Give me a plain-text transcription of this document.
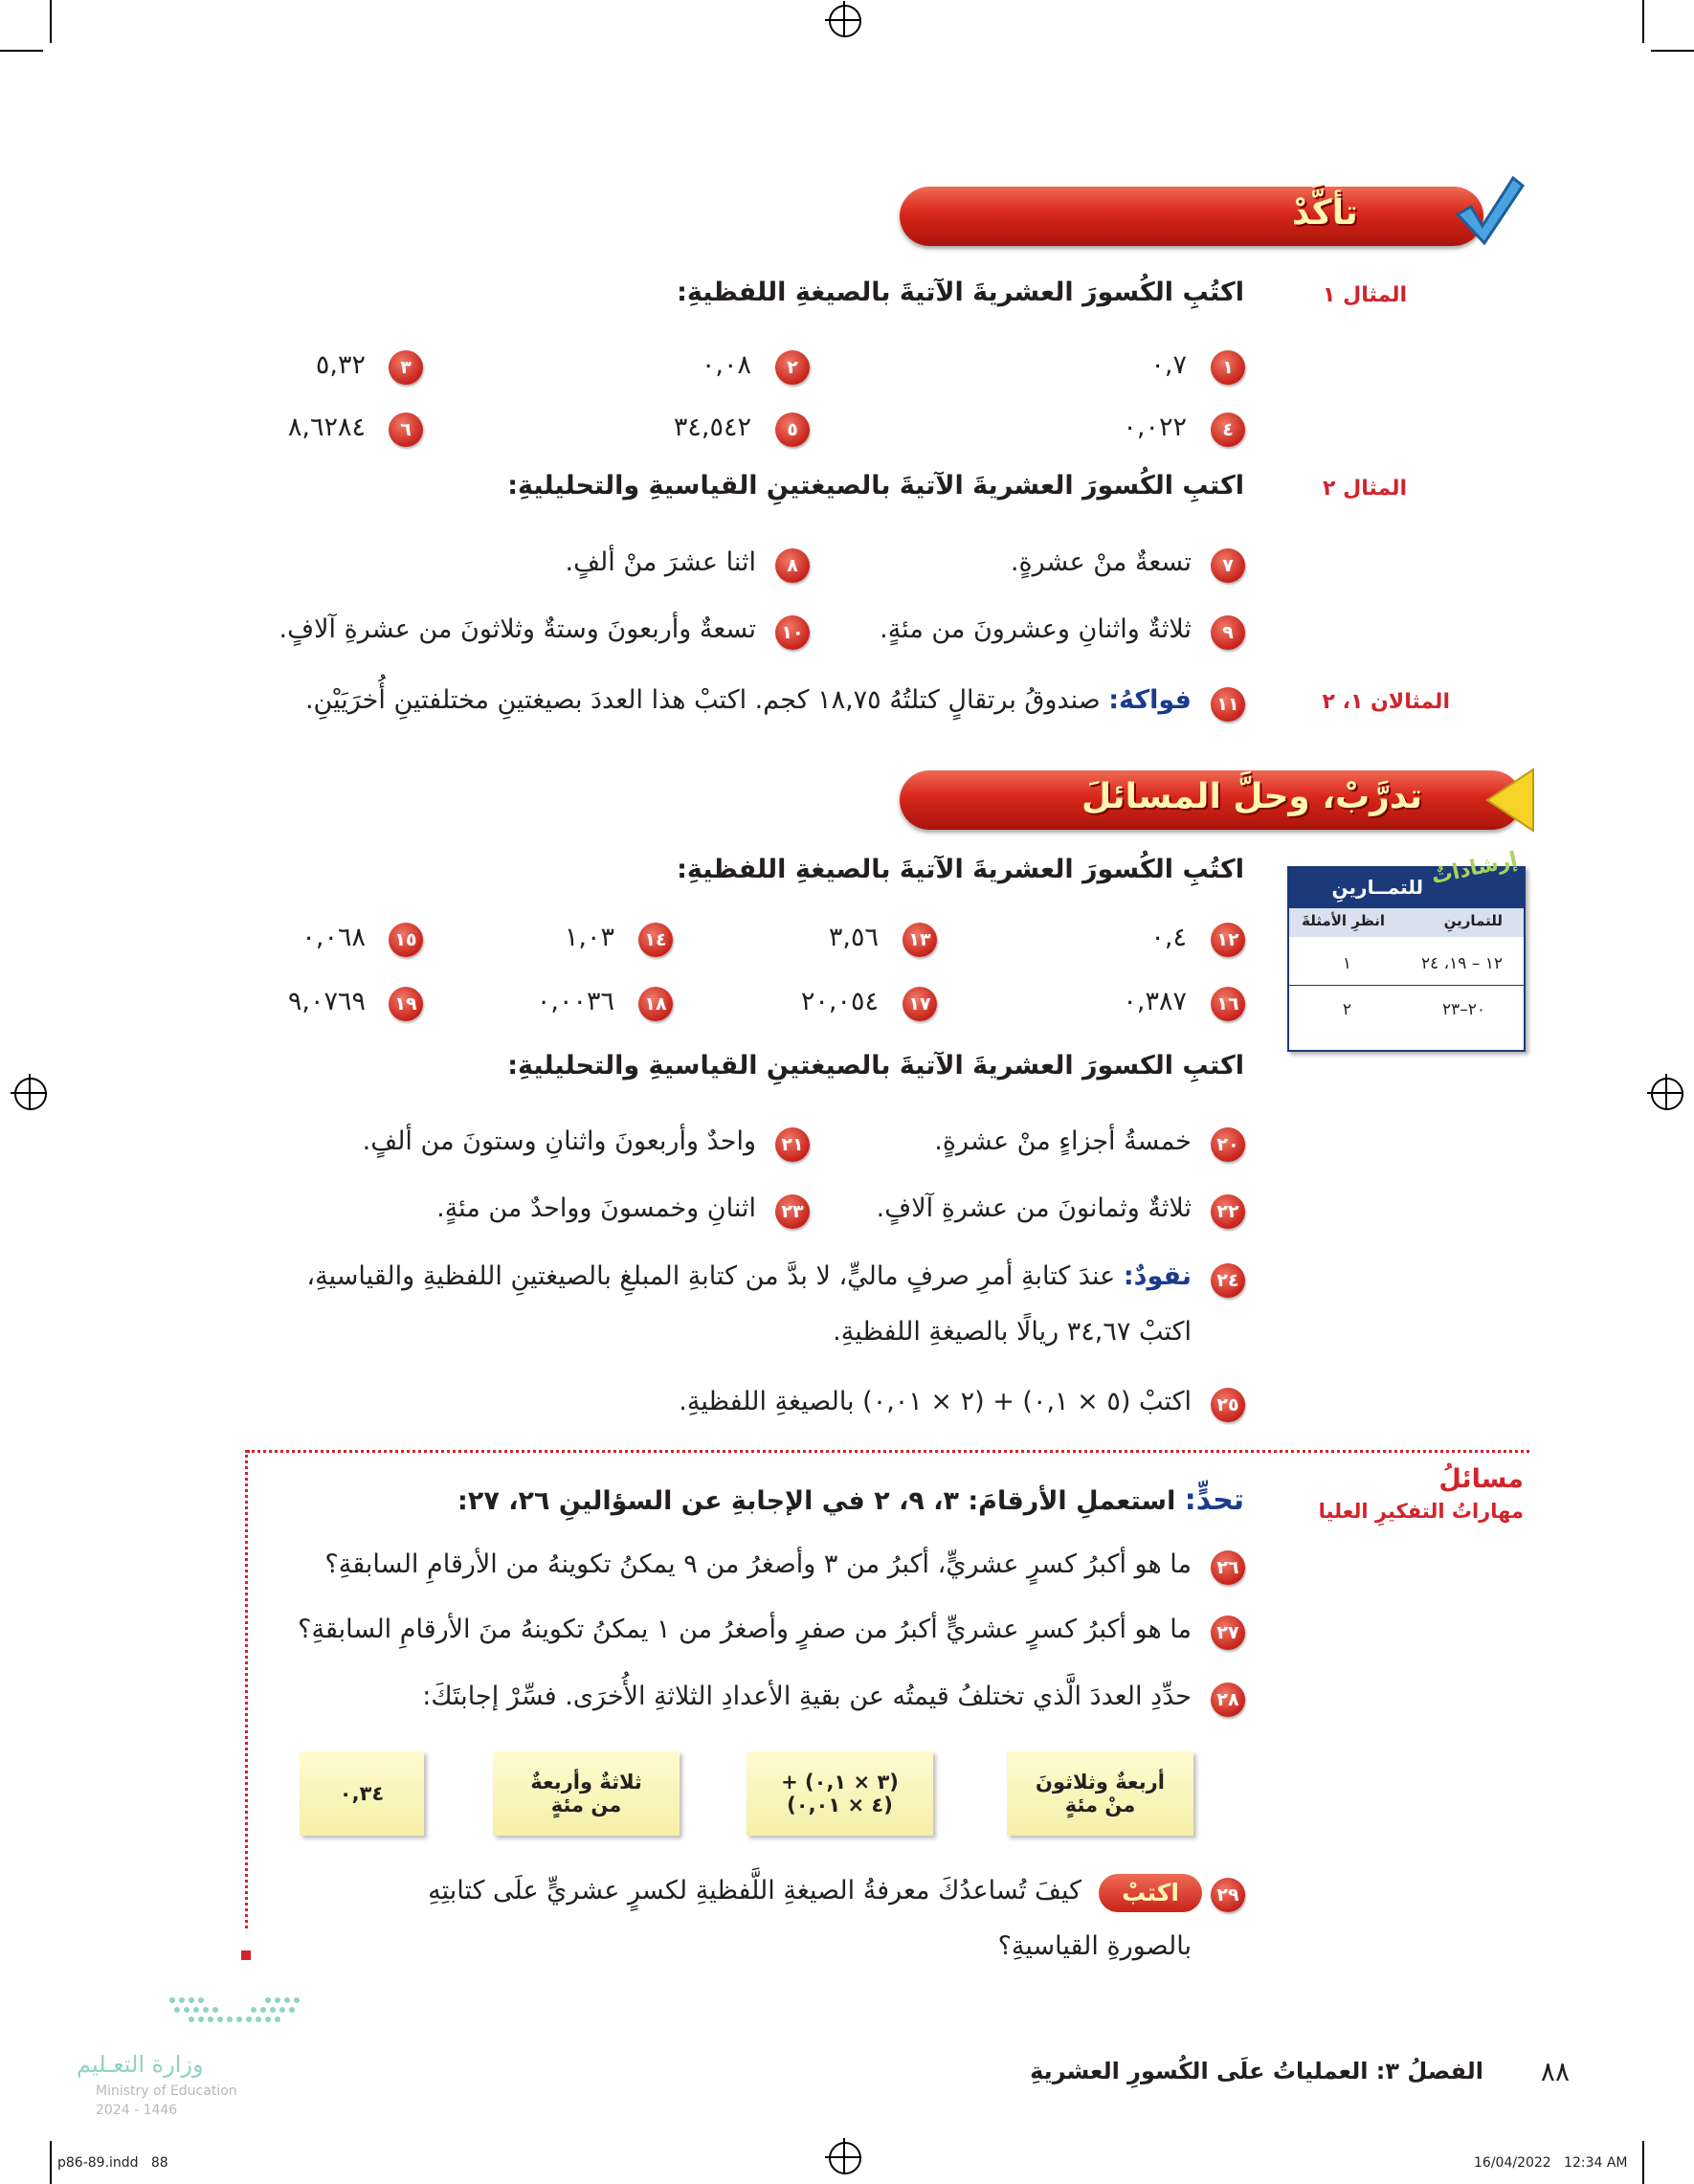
تأكَّدْ
المثال ١
اكتُبِ الكُسورَ العشريةَ الآتيةَ بالصيغةِ اللفظيةِ:
١
٠,٧
٢
٠,٠٨
٣
٥,٣٢
٤
٠,٠٢٢
٥
٣٤,٥٤٢
٦
٨,٦٢٨٤
المثال ٢
اكتبِ الكُسورَ العشريةَ الآتيةَ بالصيغتينِ القياسيةِ والتحليليةِ:
٧
تسعةٌ منْ عشرةٍ.
٨
اثنا عشرَ منْ ألفٍ.
٩
ثلاثةٌ واثنانِ وعشرونَ من مئةٍ.
١٠
تسعةٌ وأربعونَ وستةٌ وثلاثونَ من عشرةِ آلافٍ.
المثالان ١، ٢
١١
فواكهُ: صندوقُ برتقالٍ كتلتُهُ ١٨,٧٥ كجم. اكتبْ هذا العددَ بصيغتينِ مختلفتينِ أُخرَيَيْنِ.
تدرَّبْ، وحلَّ المسائلَ
اكتُبِ الكُسورَ العشريةَ الآتيةَ بالصيغةِ اللفظيةِ:	إرشاداتٌ
للتمــارينِ
للتمارينِ
انظرِ الأمثلةَ
١٢ – ١٩، ٢٤
١
٢٠–٢٣
٢
١٢
٠,٤
١٣
٣,٥٦
١٤
١,٠٣
١٥
٠,٠٦٨
١٦
٠,٣٨٧
١٧
٢٠,٠٥٤
١٨
٠,٠٠٣٦
١٩
٩,٠٧٦٩
اكتبِ الكسورَ العشريةَ الآتيةَ بالصيغتينِ القياسيةِ والتحليليةِ:
٢٠
خمسةُ أجزاءٍ منْ عشرةٍ.
٢١
واحدٌ وأربعونَ واثنانِ وستونَ من ألفٍ.
٢٢
ثلاثةٌ وثمانونَ من عشرةِ آلافٍ.
٢٣
اثنانِ وخمسونَ وواحدٌ من مئةٍ.
٢٤
نقودٌ: عندَ كتابةِ أمرِ صرفٍ ماليٍّ، لا بدَّ من كتابةِ المبلغِ بالصيغتينِ اللفظيةِ والقياسيةِ،
اكتبْ ٣٤,٦٧ ريالًا بالصيغةِ اللفظيةِ.
٢٥
اكتبْ (٥ × ٠,١) + (٢ × ٠,٠١) بالصيغةِ اللفظيةِ.
مسائلُ
مهاراتُ التفكيرِ العليا
تحدٍّ: استعملِ الأرقامَ: ٣، ٩، ٢ في الإجابةِ عن السؤالينِ ٢٦، ٢٧:
٢٦
ما هو أكبرُ كسرٍ عشريٍّ، أكبرُ من ٣ وأصغرُ من ٩ يمكنُ تكوينهُ من الأرقامِ السابقةِ؟
٢٧
ما هو أكبرُ كسرٍ عشريٍّ أكبرُ من صفرٍ وأصغرُ من ١ يمكنُ تكوينهُ منَ الأرقامِ السابقةِ؟
٢٨
حدِّدِ العددَ الَّذي تختلفُ قيمتُه عن بقيةِ الأعدادِ الثلاثةِ الأُخرَى. فسِّرْ إجابتَكَ:
أربعةٌ وثلاثونَ
منْ مئةٍ
(٣ × ٠,١) +
(٤ × ٠,٠١)
ثلاثةٌ وأربعةٌ
من مئةٍ
٠,٣٤
٢٩
اكتبْ
كيفَ تُساعدُكَ معرفةُ الصيغةِ اللَّفظيةِ لكسرٍ عشريٍّ علَى كتابتِهِ
بالصورةِ القياسيةِ؟
وزارة التعـليم
Ministry of Education
2024 - 1446
٨٨
الفصلُ ٣: العملياتُ علَى الكُسورِ العشريةِ
p86-89.indd   88	16/04/2022   12:34 AM
